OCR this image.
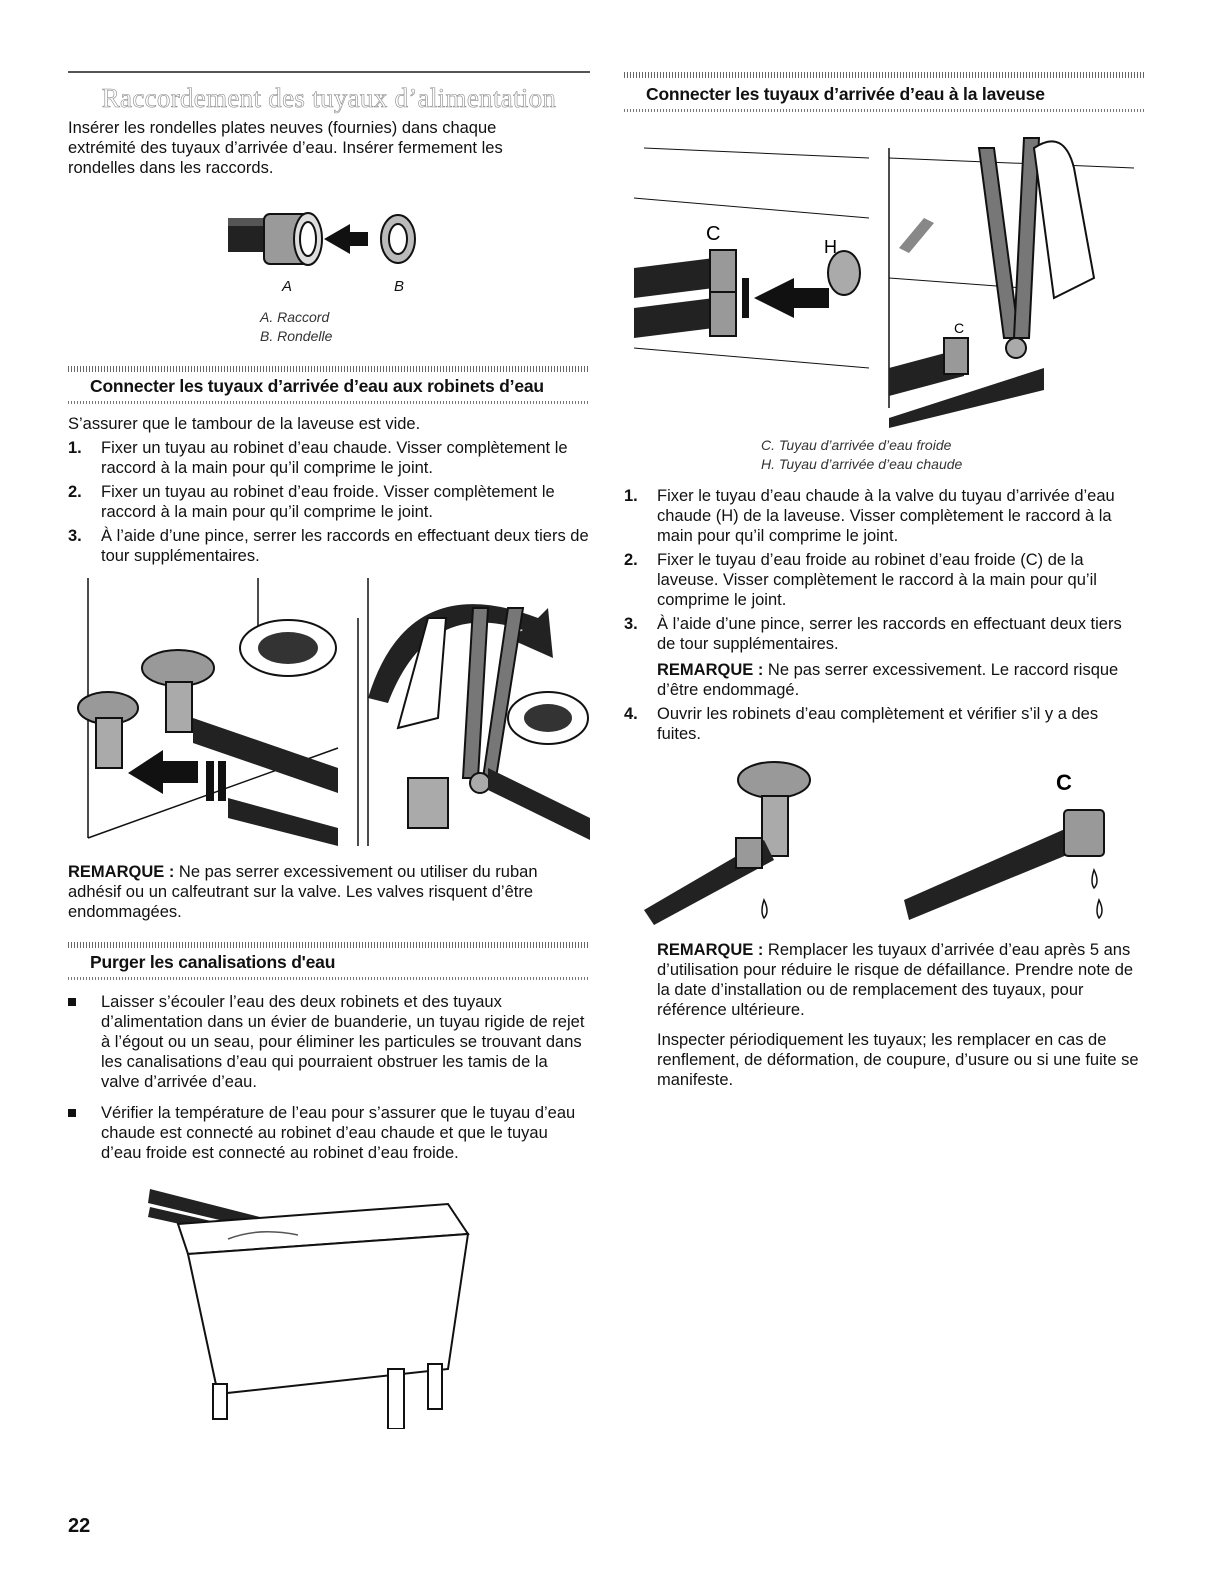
Raccordement des tuyaux d’alimentation

Insérer les rondelles plates neuves (fournies) dans chaque extrémité des tuyaux d’arrivée d’eau. Insérer fermement les rondelles dans les raccords.

A	B
A. Raccord
B. Rondelle
Connecter les tuyaux d’arrivée d’eau aux robinets d’eau

S’assurer que le tambour de la laveuse est vide.

1. Fixer un tuyau au robinet d’eau chaude. Visser complètement le raccord à la main pour qu’il comprime le joint.
2. Fixer un tuyau au robinet d’eau froide. Visser complètement le raccord à la main pour qu’il comprime le joint.
3. À l’aide d’une pince, serrer les raccords en effectuant deux tiers de tour supplémentaires.

REMARQUE : Ne pas serrer excessivement ou utiliser du ruban adhésif ou un calfeutrant sur la valve. Les valves risquent d’être endommagées.

Purger les canalisations d'eau
Laisser s’écouler l’eau des deux robinets et des tuyaux d’alimentation dans un évier de buanderie, un tuyau rigide de rejet à l’égout ou un seau, pour éliminer les particules se trouvant dans les canalisations d’eau qui pourraient obstruer les tamis de la valve d’arrivée d’eau.
Vérifier la température de l’eau pour s’assurer que le tuyau d’eau chaude est connecté au robinet d’eau chaude et que le tuyau d’eau froide est connecté au robinet d’eau froide.
Connecter les tuyaux d’arrivée d’eau à la laveuse
C
H
C
C. Tuyau d’arrivée d’eau froide
H. Tuyau d’arrivée d’eau chaude
1. Fixer le tuyau d’eau chaude à la valve du tuyau d’arrivée d’eau chaude (H) de la laveuse. Visser complètement le raccord à la main pour qu’il comprime le joint.
2. Fixer le tuyau d’eau froide au robinet d’eau froide (C) de la laveuse. Visser complètement le raccord à la main pour qu’il comprime le joint.
3. À l’aide d’une pince, serrer les raccords en effectuant deux tiers de tour supplémentaires.
REMARQUE : Ne pas serrer excessivement. Le raccord risque d’être endommagé.
4. Ouvrir les robinets d’eau complètement et vérifier s’il y a des fuites.
C

REMARQUE : Remplacer les tuyaux d’arrivée d’eau après 5 ans d’utilisation pour réduire le risque de défaillance. Prendre note de la date d’installation ou de remplacement des tuyaux, pour référence ultérieure.

Inspecter périodiquement les tuyaux; les remplacer en cas de renflement, de déformation, de coupure, d’usure ou si une fuite se manifeste.

22
